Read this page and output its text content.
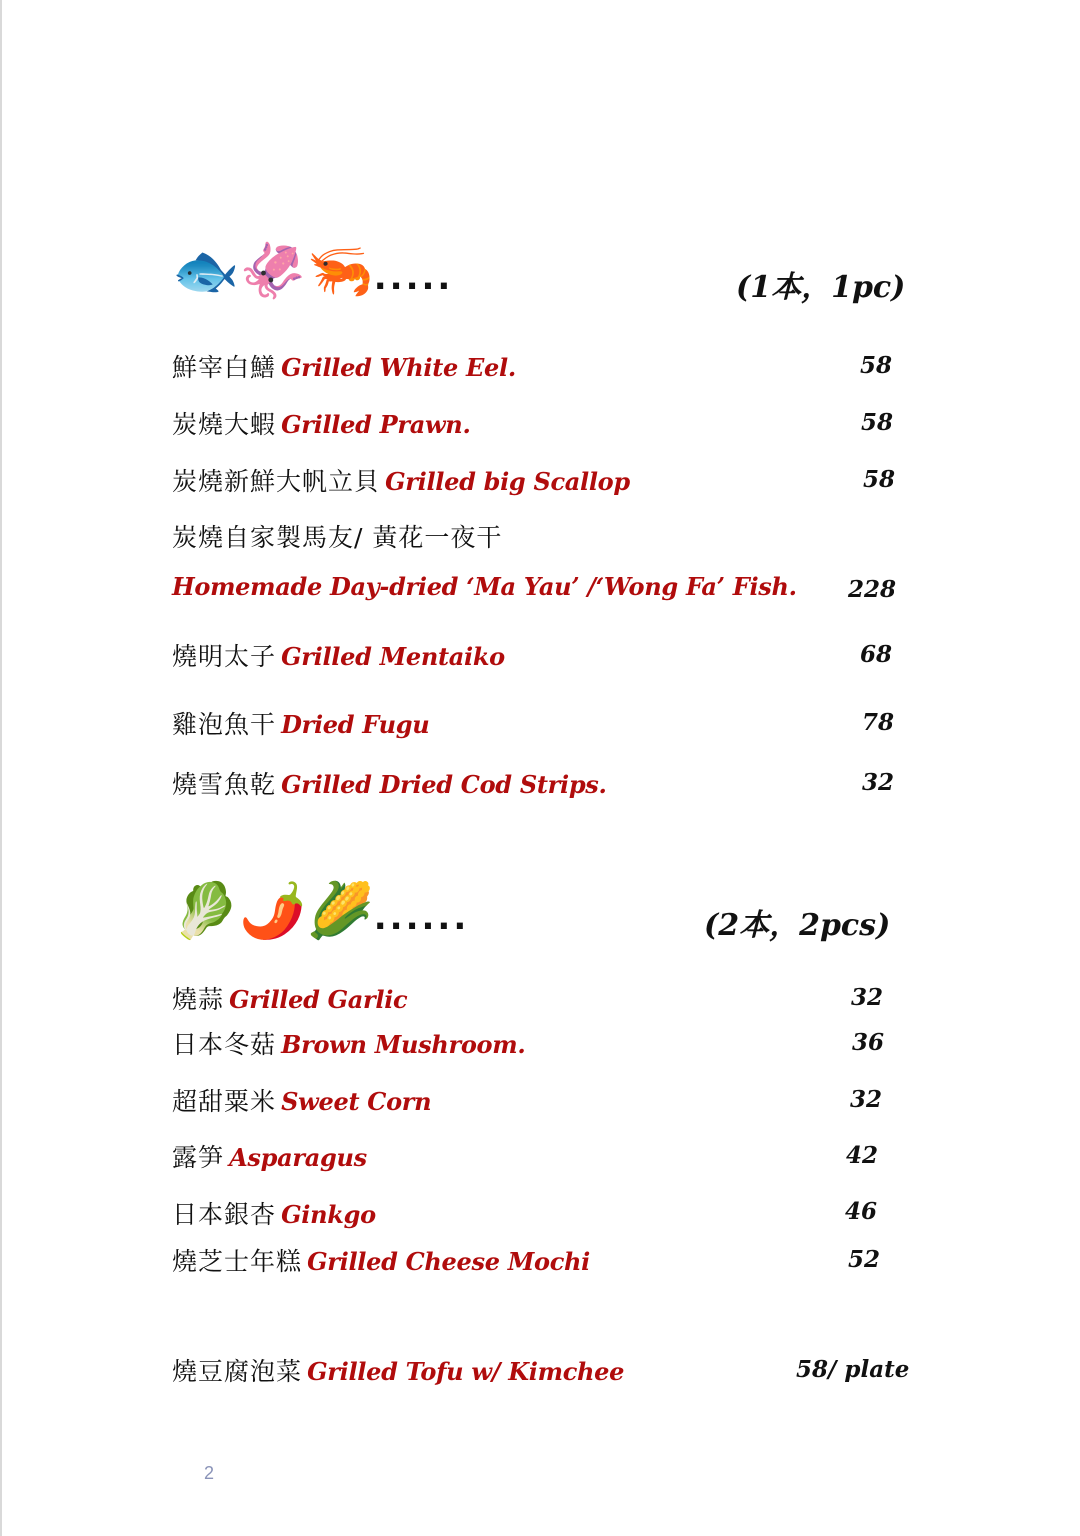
🐟🦑🦐.....	(1本，1pc)
鮮宰白鱔 Grilled White Eel.	58
炭燒大蝦 Grilled Prawn.	58
炭燒新鮮大帆立貝 Grilled big Scallop	58
炭燒自家製馬友/ 黃花一夜干
Homemade Day-dried ‘Ma Yau’ /‘Wong Fa’ Fish. 228
燒明太子 Grilled Mentaiko	68
雞泡魚干 Dried Fugu	78
燒雪魚乾 Grilled Dried Cod Strips.	32
🥬🌶️🌽......	(2本，2pcs)
燒蒜 Grilled Garlic	32
日本冬菇 Brown Mushroom.	36
超甜粟米 Sweet Corn	32
露笋 Asparagus	42
日本銀杏 Ginkgo	46
燒芝士年糕 Grilled Cheese Mochi	52
燒豆腐泡菜 Grilled Tofu w/ Kimchee	58/ plate
2
